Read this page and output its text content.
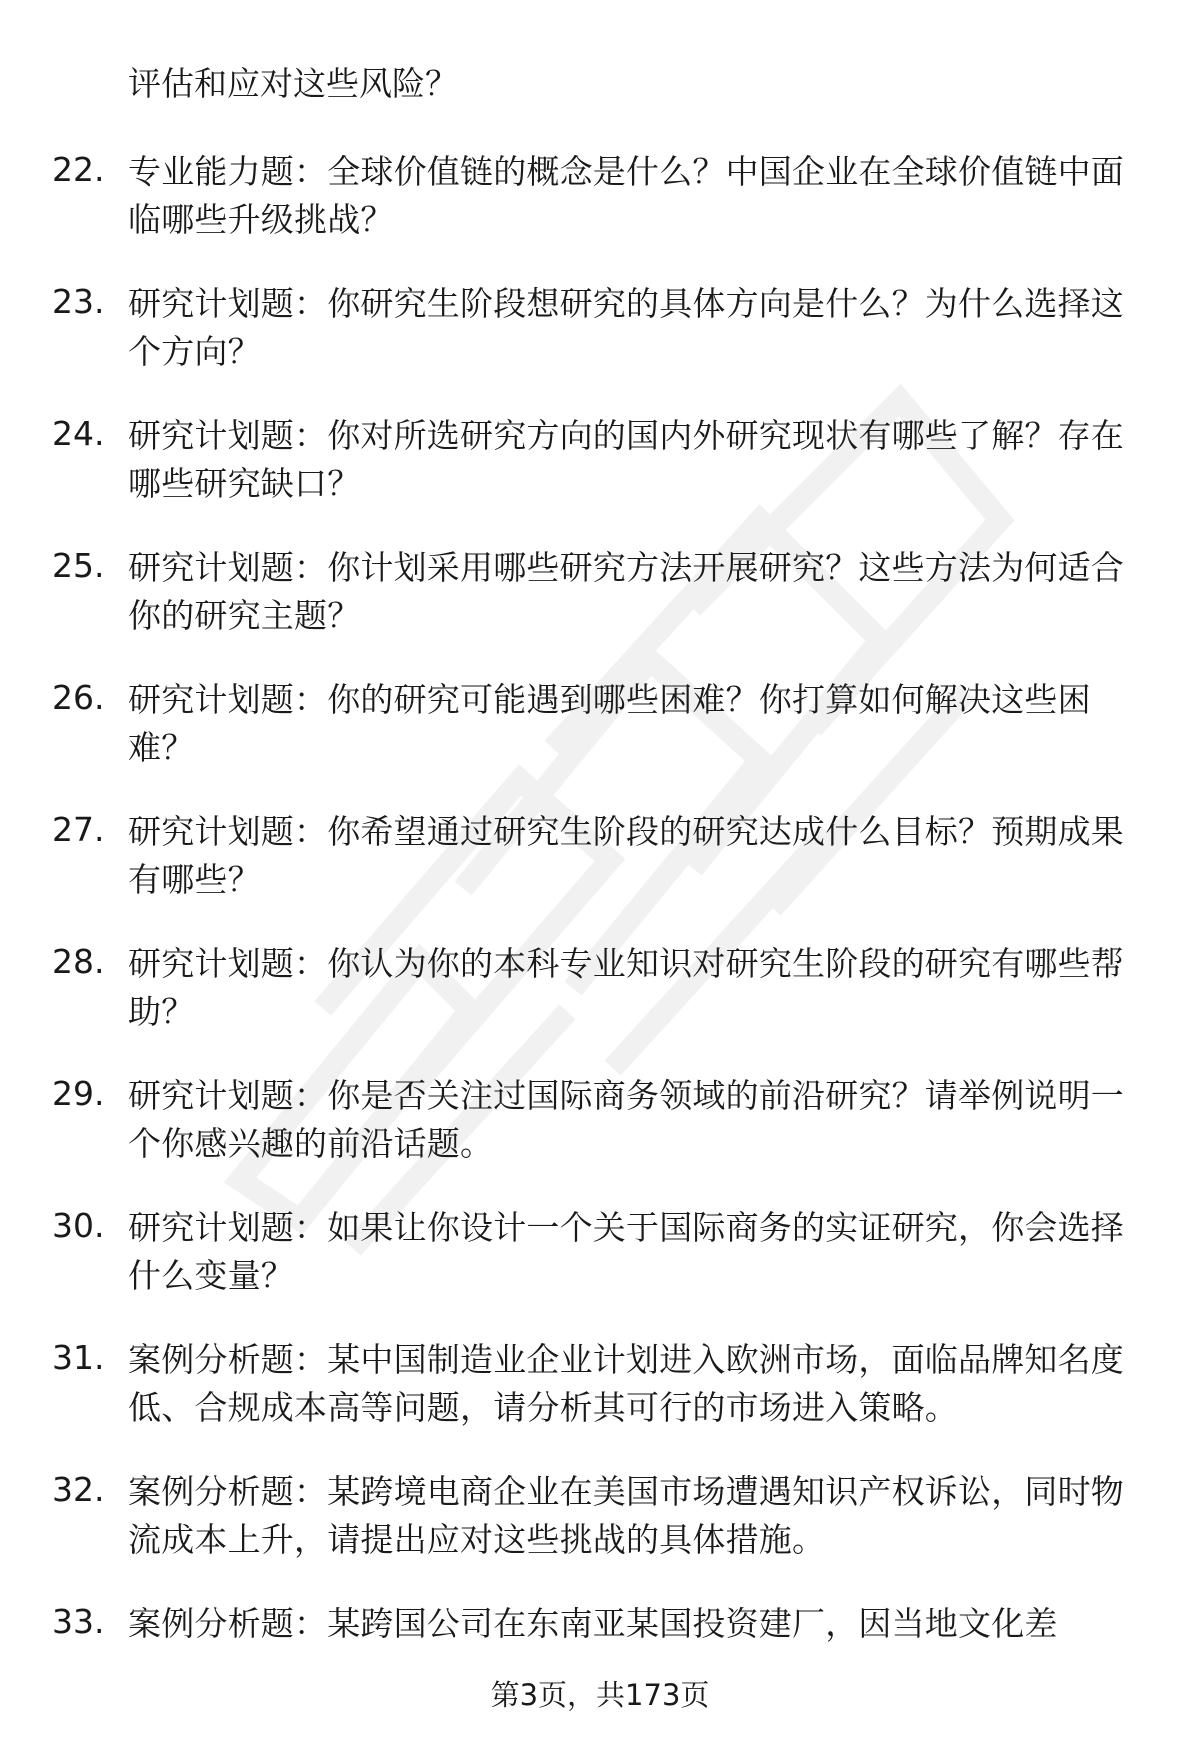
评估和应对这些风险？
22. 专业能力题：全球价值链的概念是什么？中国企业在全球价值链中面临哪些升级挑战？
23. 研究计划题：你研究生阶段想研究的具体方向是什么？为什么选择这个方向？
24. 研究计划题：你对所选研究方向的国内外研究现状有哪些了解？存在哪些研究缺口？
25. 研究计划题：你计划采用哪些研究方法开展研究？这些方法为何适合你的研究主题？
26. 研究计划题：你的研究可能遇到哪些困难？你打算如何解决这些困难？
27. 研究计划题：你希望通过研究生阶段的研究达成什么目标？预期成果有哪些？
28. 研究计划题：你认为你的本科专业知识对研究生阶段的研究有哪些帮助？
29. 研究计划题：你是否关注过国际商务领域的前沿研究？请举例说明一个你感兴趣的前沿话题。
30. 研究计划题：如果让你设计一个关于国际商务的实证研究，你会选择什么变量？
31. 案例分析题：某中国制造业企业计划进入欧洲市场，面临品牌知名度低、合规成本高等问题，请分析其可行的市场进入策略。
32. 案例分析题：某跨境电商企业在美国市场遭遇知识产权诉讼，同时物流成本上升，请提出应对这些挑战的具体措施。
33. 案例分析题：某跨国公司在东南亚某国投资建厂，因当地文化差
第3页，共173页
